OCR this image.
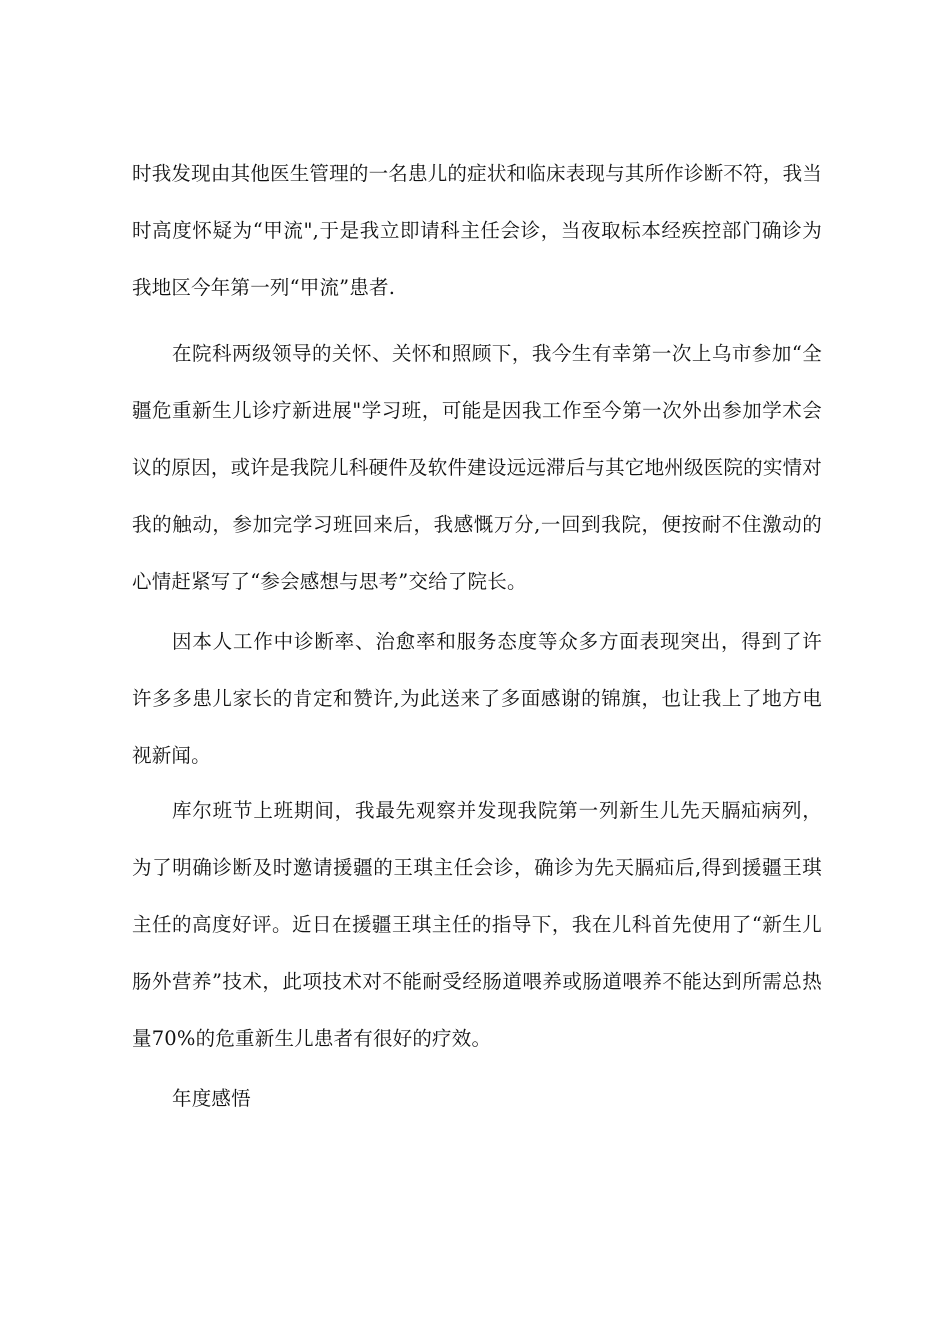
时我发现由其他医生管理的一名患儿的症状和临床表现与其所作诊断不符，我当时高度怀疑为“甲流",于是我立即请科主任会诊，当夜取标本经疾控部门确诊为我地区今年第一列“甲流”患者.

在院科两级领导的关怀、关怀和照顾下，我今生有幸第一次上乌市参加“全疆危重新生儿诊疗新进展"学习班，可能是因我工作至今第一次外出参加学术会议的原因，或许是我院儿科硬件及软件建设远远滞后与其它地州级医院的实情对我的触动，参加完学习班回来后，我感慨万分,一回到我院，便按耐不住激动的心情赶紧写了“参会感想与思考”交给了院长。

因本人工作中诊断率、治愈率和服务态度等众多方面表现突出，得到了许许多多患儿家长的肯定和赞许,为此送来了多面感谢的锦旗，也让我上了地方电视新闻。

库尔班节上班期间，我最先观察并发现我院第一列新生儿先天膈疝病列，为了明确诊断及时邀请援疆的王琪主任会诊，确诊为先天膈疝后,得到援疆王琪主任的高度好评。近日在援疆王琪主任的指导下，我在儿科首先使用了“新生儿肠外营养”技术，此项技术对不能耐受经肠道喂养或肠道喂养不能达到所需总热量70%的危重新生儿患者有很好的疗效。

年度感悟
